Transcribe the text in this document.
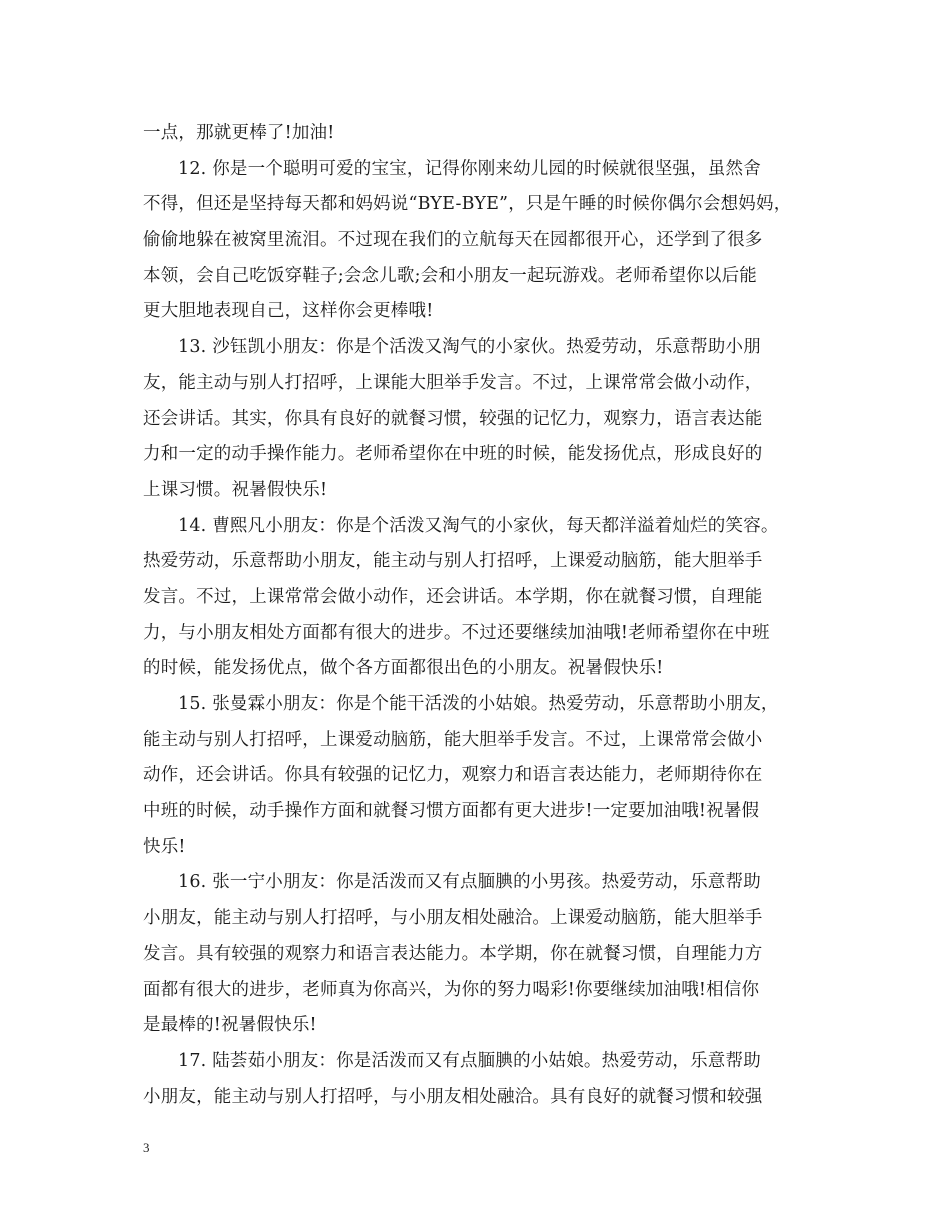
一点，那就更棒了!加油!
12. 你是一个聪明可爱的宝宝，记得你刚来幼儿园的时候就很坚强，虽然舍
不得，但还是坚持每天都和妈妈说“BYE-BYE”，只是午睡的时候你偶尔会想妈妈，
偷偷地躲在被窝里流泪。不过现在我们的立航每天在园都很开心，还学到了很多
本领，会自己吃饭穿鞋子;会念儿歌;会和小朋友一起玩游戏。老师希望你以后能
更大胆地表现自己，这样你会更棒哦!
13. 沙钰凯小朋友：你是个活泼又淘气的小家伙。热爱劳动，乐意帮助小朋
友，能主动与别人打招呼，上课能大胆举手发言。不过，上课常常会做小动作，
还会讲话。其实，你具有良好的就餐习惯，较强的记忆力，观察力，语言表达能
力和一定的动手操作能力。老师希望你在中班的时候，能发扬优点，形成良好的
上课习惯。祝暑假快乐!
14. 曹熙凡小朋友：你是个活泼又淘气的小家伙，每天都洋溢着灿烂的笑容。
热爱劳动，乐意帮助小朋友，能主动与别人打招呼，上课爱动脑筋，能大胆举手
发言。不过，上课常常会做小动作，还会讲话。本学期，你在就餐习惯，自理能
力，与小朋友相处方面都有很大的进步。不过还要继续加油哦!老师希望你在中班
的时候，能发扬优点，做个各方面都很出色的小朋友。祝暑假快乐!
15. 张曼霖小朋友：你是个能干活泼的小姑娘。热爱劳动，乐意帮助小朋友，
能主动与别人打招呼，上课爱动脑筋，能大胆举手发言。不过，上课常常会做小
动作，还会讲话。你具有较强的记忆力，观察力和语言表达能力，老师期待你在
中班的时候，动手操作方面和就餐习惯方面都有更大进步!一定要加油哦!祝暑假
快乐!
16. 张一宁小朋友：你是活泼而又有点腼腆的小男孩。热爱劳动，乐意帮助
小朋友，能主动与别人打招呼，与小朋友相处融洽。上课爱动脑筋，能大胆举手
发言。具有较强的观察力和语言表达能力。本学期，你在就餐习惯，自理能力方
面都有很大的进步，老师真为你高兴，为你的努力喝彩!你要继续加油哦!相信你
是最棒的!祝暑假快乐!
17. 陆荟茹小朋友：你是活泼而又有点腼腆的小姑娘。热爱劳动，乐意帮助
小朋友，能主动与别人打招呼，与小朋友相处融洽。具有良好的就餐习惯和较强
3
